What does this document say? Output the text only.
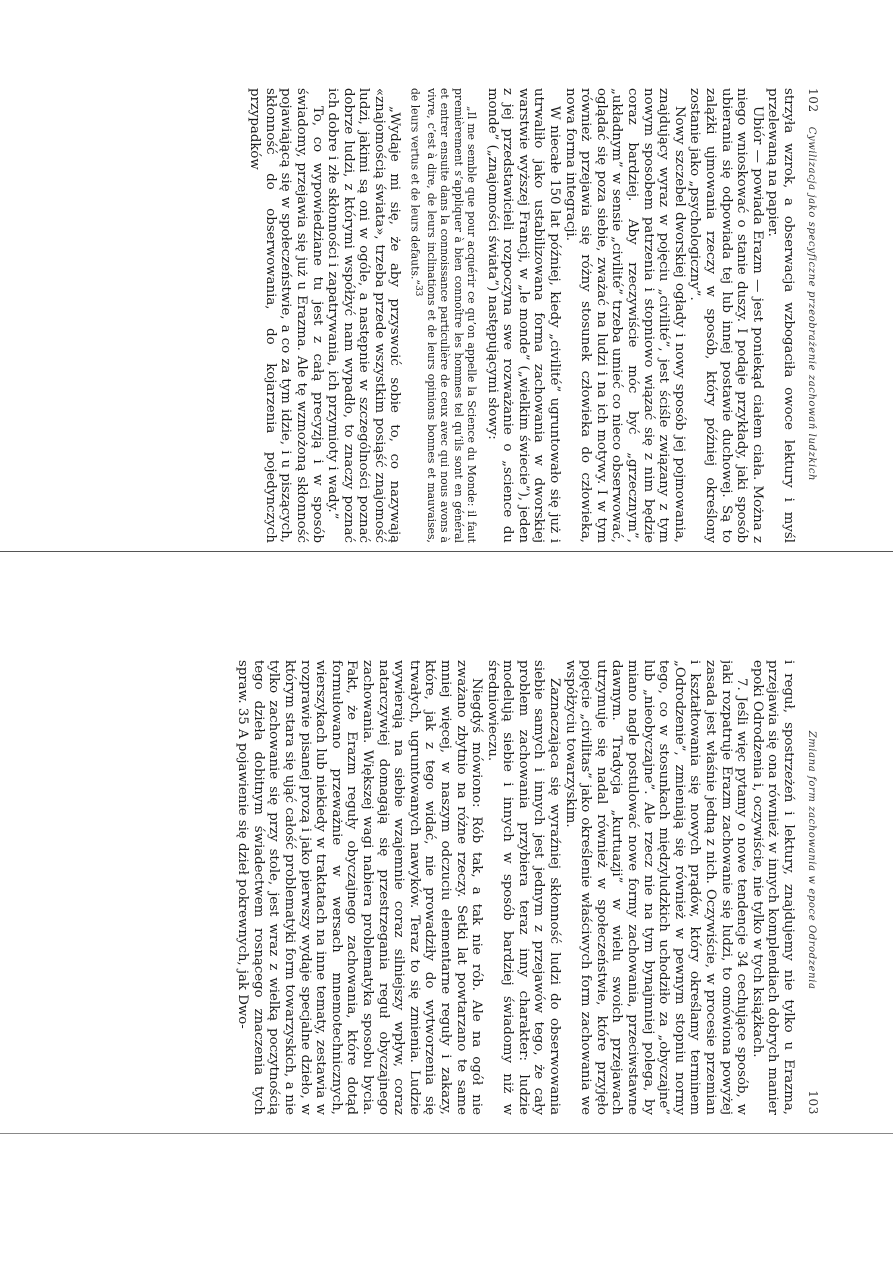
102
Cywilizacja jako specyficzne przeobrażenie zachowań ludzkich

strzyła wzrok, a obserwacja wzbogaciła owoce lektury i myśl przelewaną na papier.

Ubiór — powiada Erazm — jest poniekąd ciałem ciała. Można z niego wnioskować o stanie duszy. I podaje przykłady, jaki sposób ubierania się odpowiada tej lub innej postawie duchowej. Są to zalążki ujmowania rzeczy w sposób, który później określony zostanie jako „psychologiczny”.

Nowy szczebel dworskiej ogłady i nowy sposób jej pojmowania, znajdujący wyraz w pojęciu „civilité”, jest ściśle związany z tym nowym sposobem patrzenia i stopniowo wiązać się z nim będzie coraz bardziej. Aby rzeczywiście móc być „grzecznym”, „układnym” w sensie „civilité” trzeba umieć co nieco obserwować, oglądać się poza siebie, zważać na ludzi i na ich motywy. I w tym również przejawia się różny stosunek człowieka do człowieka, nowa forma integracji.

W niecałe 150 lat później, kiedy „civilité” ugruntowało się już i utrwaliło jako ustabilizowana forma zachowania w dworskiej warstwie wyższej Francji, w „le monde” („wielkim świecie”), jeden z jej przedstawicieli rozpoczyna swe rozważanie o „science du monde” („znajomości świata”) następującymi słowy:

„Il me semble que pour acquérir ce qu’on appelle la Science du Monde: il faut premièrement s’appliquer à bien connoître les hommes tel qu’ils sont en général et entrer ensuite dans la connoissance particulière de ceux avec qui nous avons à vivre, c’est à dire, de leurs inclinations et de leurs opinions bonnes et mauvaises, de leurs vertus et de leurs defauts.”$^{33}$

„Wydaje mi się, że aby przyswoić sobie to, co nazywają «znajomością świata», trzeba przede wszystkim posiąść znajomość ludzi, jakimi są oni w ogóle, a następnie w szczególności poznać dobrze ludzi, z którymi współżyć nam wypadło, to znaczy poznać ich dobre i złe skłonności i zapatrywania, ich przymioty i wady.”

To, co wypowiedziane tu jest z całą precyzją i w sposób świadomy, przejawia się już u Erazma. Ale tę wzmożoną skłonność pojawiającą się w społeczeństwie, a co za tym idzie, i u piszących, skłonność do obserwowania, do kojarzenia pojedynczych przypadków

Zmiana form zachowania w epoce Odrodzenia
103

i reguł, spostrzeżeń i lektury, znajdujemy nie tylko u Erazma, przejawia się ona również w innych komplendiach dobrych manier epoki Odrodzenia i, oczywiście, nie tylko w tych książkach.

7. Jeśli więc pytamy o nowe tendencje 34 cechujące sposób, w jaki rozpatruje Erazm zachowanie się ludzi, to omówiona powyżej zasada jest właśnie jedną z nich. Oczywiście, w procesie przemian i kształtowania się nowych prądów, który określamy terminem „Odrodzenie”, zmieniają się również w pewnym stopniu normy tego, co w stosunkach międzyludzkich uchodziło za „obyczajne” lub „nieobyczajne”. Ale rzecz nie na tym bynajmniej polega, by miano nagle postulować nowe formy zachowania, przeciwstawne dawnym. Tradycja „kurtuazji” w wielu swoich przejawach utrzymuje się nadal również w społeczeństwie, które przyjęło pojęcie „civilitas” jako określenie właściwych form zachowania we współżyciu towarzyskim.

Zaznaczająca się wyraźniej skłonność ludzi do obserwowania siebie samych i innych jest jednym z przejawów tego, że cały problem zachowania przybiera teraz inny charakter: ludzie modelują siebie i innych w sposób bardziej świadomy niż w średniowieczu.

Niegdyś mówiono: Rób tak, a tak nie rób. Ale na ogół nie zważano zbytnio na różne rzeczy. Setki lat powtarzano te same mniej więcej, w naszym odczuciu elementarne reguły i zakazy, które, jak z tego widać, nie prowadziły do wytworzenia się trwałych, ugruntowanych nawyków. Teraz to się zmienia. Ludzie wywierają na siebie wzajemnie coraz silniejszy wpływ, coraz natarczywiej domagają się przestrzegania reguł obyczajnego zachowania. Większej wagi nabiera problematyka sposobu bycia. Fakt, że Erazm reguły obyczajnego zachowania, które dotąd formułowano przeważnie w wersach mnemotechnicznych, wierszykach lub niekiedy w traktatach na inne tematy, zestawia w rozprawie pisanej prozą i jako pierwszy wydaje specjalne dzieło, w którym stara się ująć całość problematyki form towarzyskich, a nie tylko zachowanie się przy stole, jest wraz z wielką poczytnością tego dzieła dobitnym świadectwem rosnącego znaczenia tych spraw. 35 A pojawienie się dzieł pokrewnych, jak Dwo-
